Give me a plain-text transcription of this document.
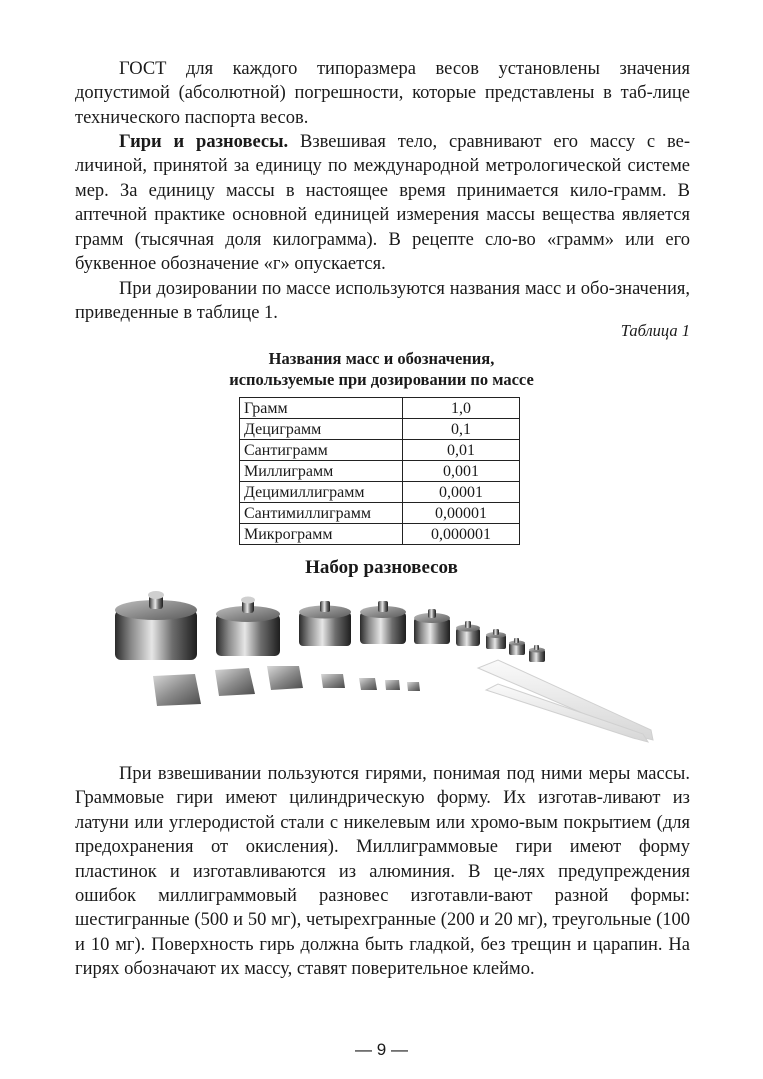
ГОСТ для каждого типоразмера весов установлены значения допустимой (абсолютной) погрешности, которые представлены в таб-лице технического паспорта весов.

Гири и разновесы. Взвешивая тело, сравнивают его массу с ве-личиной, принятой за единицу по международной метрологической системе мер. За единицу массы в настоящее время принимается кило-грамм. В аптечной практике основной единицей измерения массы вещества является грамм (тысячная доля килограмма). В рецепте сло-во «грамм» или его буквенное обозначение «г» опускается.

При дозировании по массе используются названия масс и обо-значения, приведенные в таблице 1.

Таблица 1
Названия масс и обозначения,
используемые при дозировании по массе
Грамм	1,0
Дециграмм	0,1
Сантиграмм	0,01
Миллиграмм	0,001
Децимиллиграмм	0,0001
Сантимиллиграмм	0,00001
Микрограмм	0,000001
Набор разновесов

При взвешивании пользуются гирями, понимая под ними меры массы. Граммовые гири имеют цилиндрическую форму. Их изготав-ливают из латуни или углеродистой стали с никелевым или хромо-вым покрытием (для предохранения от окисления). Миллиграммовые гири имеют форму пластинок и изготавливаются из алюминия. В це-лях предупреждения ошибок миллиграммовый разновес изготавли-вают разной формы: шестигранные (500 и 50 мг), четырехгранные (200 и 20 мг), треугольные (100 и 10 мг). Поверхность гирь должна быть гладкой, без трещин и царапин. На гирях обозначают их массу, ставят поверительное клеймо.

— 9 —
